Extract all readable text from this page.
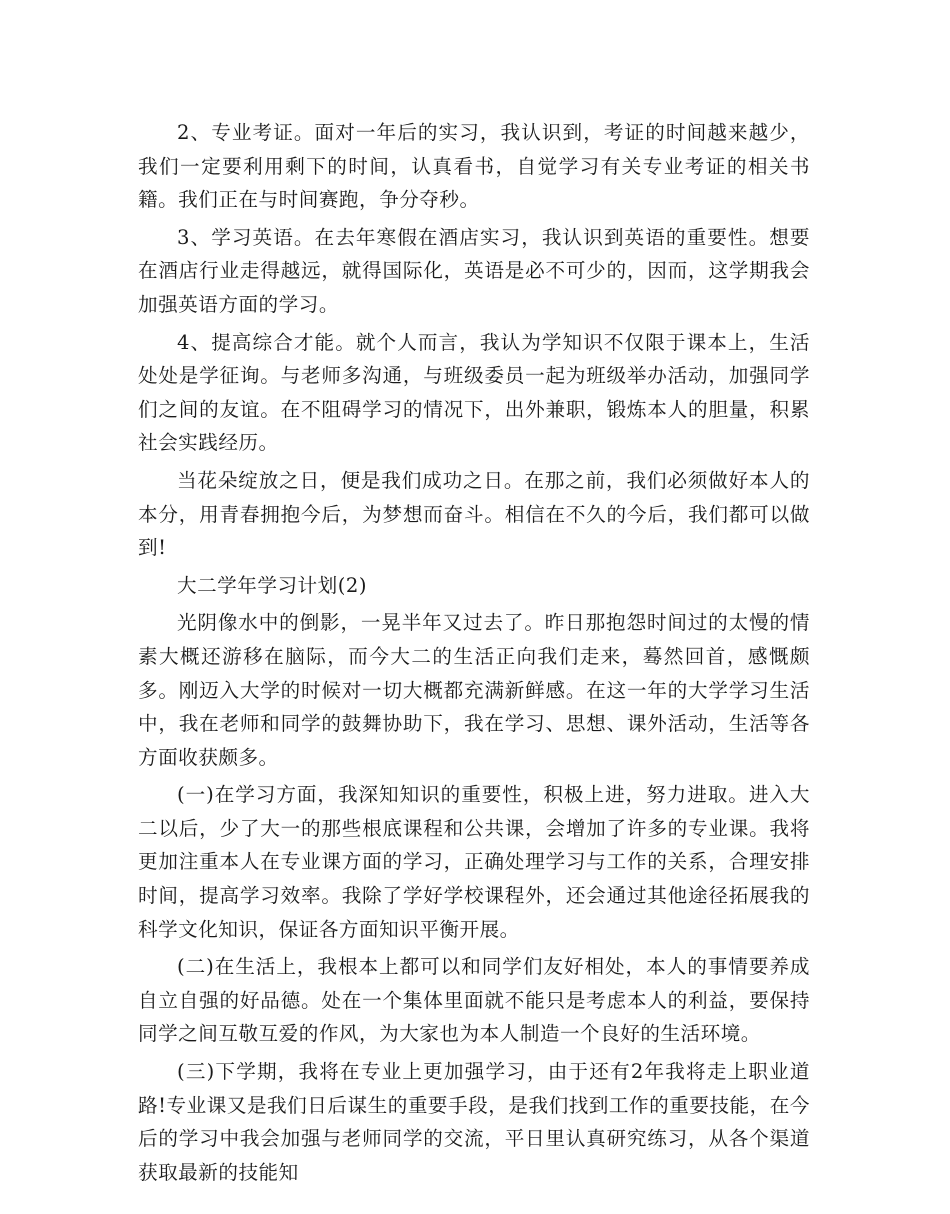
2、专业考证。面对一年后的实习，我认识到，考证的时间越来越少，我们一定要利用剩下的时间，认真看书，自觉学习有关专业考证的相关书籍。我们正在与时间赛跑，争分夺秒。

3、学习英语。在去年寒假在酒店实习，我认识到英语的重要性。想要在酒店行业走得越远，就得国际化，英语是必不可少的，因而，这学期我会加强英语方面的学习。

4、提高综合才能。就个人而言，我认为学知识不仅限于课本上，生活处处是学征询。与老师多沟通，与班级委员一起为班级举办活动，加强同学们之间的友谊。在不阻碍学习的情况下，出外兼职，锻炼本人的胆量，积累社会实践经历。

当花朵绽放之日，便是我们成功之日。在那之前，我们必须做好本人的本分，用青春拥抱今后，为梦想而奋斗。相信在不久的今后，我们都可以做到!

大二学年学习计划(2)

光阴像水中的倒影，一晃半年又过去了。昨日那抱怨时间过的太慢的情素大概还游移在脑际，而今大二的生活正向我们走来，蓦然回首，感慨颇多。刚迈入大学的时候对一切大概都充满新鲜感。在这一年的大学学习生活中，我在老师和同学的鼓舞协助下，我在学习、思想、课外活动，生活等各方面收获颇多。

(一)在学习方面，我深知知识的重要性，积极上进，努力进取。进入大二以后，少了大一的那些根底课程和公共课，会增加了许多的专业课。我将更加注重本人在专业课方面的学习，正确处理学习与工作的关系，合理安排时间，提高学习效率。我除了学好学校课程外，还会通过其他途径拓展我的科学文化知识，保证各方面知识平衡开展。

(二)在生活上，我根本上都可以和同学们友好相处，本人的事情要养成自立自强的好品德。处在一个集体里面就不能只是考虑本人的利益，要保持同学之间互敬互爱的作风，为大家也为本人制造一个良好的生活环境。

(三)下学期，我将在专业上更加强学习，由于还有2年我将走上职业道路!专业课又是我们日后谋生的重要手段，是我们找到工作的重要技能，在今后的学习中我会加强与老师同学的交流，平日里认真研究练习，从各个渠道获取最新的技能知
